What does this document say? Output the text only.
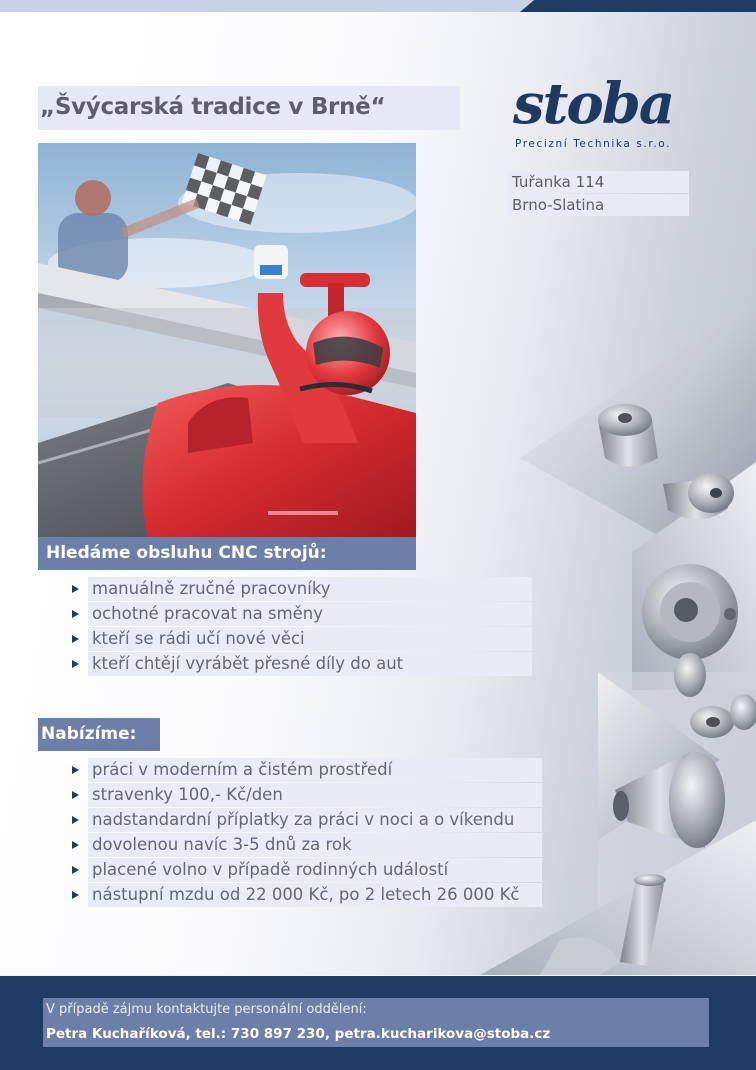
„Švýcarská tradice v Brně“ stoba
Precizní Technika s.r.o.
Tuřanka 114
Brno-Slatina
Hledáme obsluhu CNC strojů:
manuálně zručné pracovníky
ochotné pracovat na směny
kteří se rádi učí nové věci
kteří chtějí vyrábět přesné díly do aut
Nabízíme:
práci v moderním a čistém prostředí
stravenky 100,- Kč/den
nadstandardní příplatky za práci v noci a o víkendu
dovolenou navíc 3-5 dnů za rok
placené volno v případě rodinných událostí
nástupní mzdu od 22 000 Kč, po 2 letech 26 000 Kč
V případě zájmu kontaktujte personální oddělení:
Petra Kuchaříková, tel.: 730 897 230, petra.kucharikova@stoba.cz
